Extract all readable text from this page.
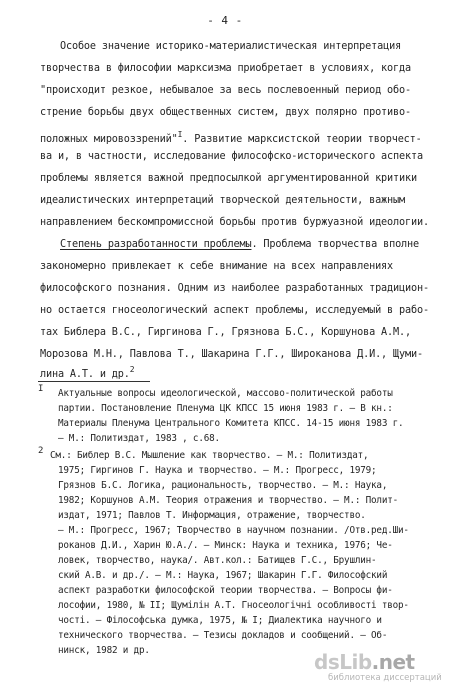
- 4 -
Особое значение историко-материалистическая интерпретация
творчества в философии марксизма приобретает в условиях, когда
"происходит резкое, небывалое за весь послевоенный период обо-
стрение борьбы двух общественных систем, двух полярно противо-
положных мировоззрений"$^I$. Развитие марксистской теории творчест-
ва и, в частности, исследование философско-исторического аспекта
проблемы является важной предпосылкой аргументированной критики
идеалистических интерпретаций творческой деятельности, важным
направлением бескомпромиссной борьбы против буржуазной идеологии.
Степень разработанности проблемы. Проблема творчества вполне
закономерно привлекает к себе внимание на всех направлениях
философского познания. Одним из наиболее разработанных традицион-
но остается гносеологический аспект проблемы, исследуемый в рабо-
тах Библера В.С., Гиргинова Г., Грязнова Б.С., Коршунова А.М.,
Морозова М.Н., Павлова Т., Шакарина Г.Г., Широканова Д.И., Щуми-
лина А.Т. и др.$^2$
I Актуальные вопросы идеологической, массово-политической работы
партии. Постановление Пленума ЦК КПСС 15 июня 1983 г. – В кн.:
Материалы Пленума Центрального Комитета КПСС. 14-15 июня 1983 г.
– М.: Политиздат, 1983 , с.68.
2 См.: Библер В.С. Мышление как творчество. – М.: Политиздат,
1975; Гиргинов Г. Наука и творчество. – М.: Прогресс, 1979;
Грязнов Б.С. Логика, рациональность, творчество. – М.: Наука,
1982; Коршунов А.М. Теория отражения и творчество. – М.: Полит-
издат, 1971; Павлов Т. Информация, отражение, творчество.
– М.: Прогресс, 1967; Творчество в научном познании. /Отв.ред.Ши-
роканов Д.И., Харин Ю.А./. – Минск: Наука и техника, 1976; Че-
ловек, творчество, наука/. Авт.кол.: Батищев Г.С., Брушлин-
ский А.В. и др./. – М.: Наука, 1967; Шакарин Г.Г. Философский
аспект разработки философской теории творчества. – Вопросы фи-
лософии, 1980, № II; Щумілін А.Т. Гносеологічні особливості твор-
чості. – Філософська думка, 1975, № I; Диалектика научного и
технического творчества. – Тезисы докладов и сообщений. – Об-
нинск, 1982 и др.	dsLib.net
библиотека диссертаций
